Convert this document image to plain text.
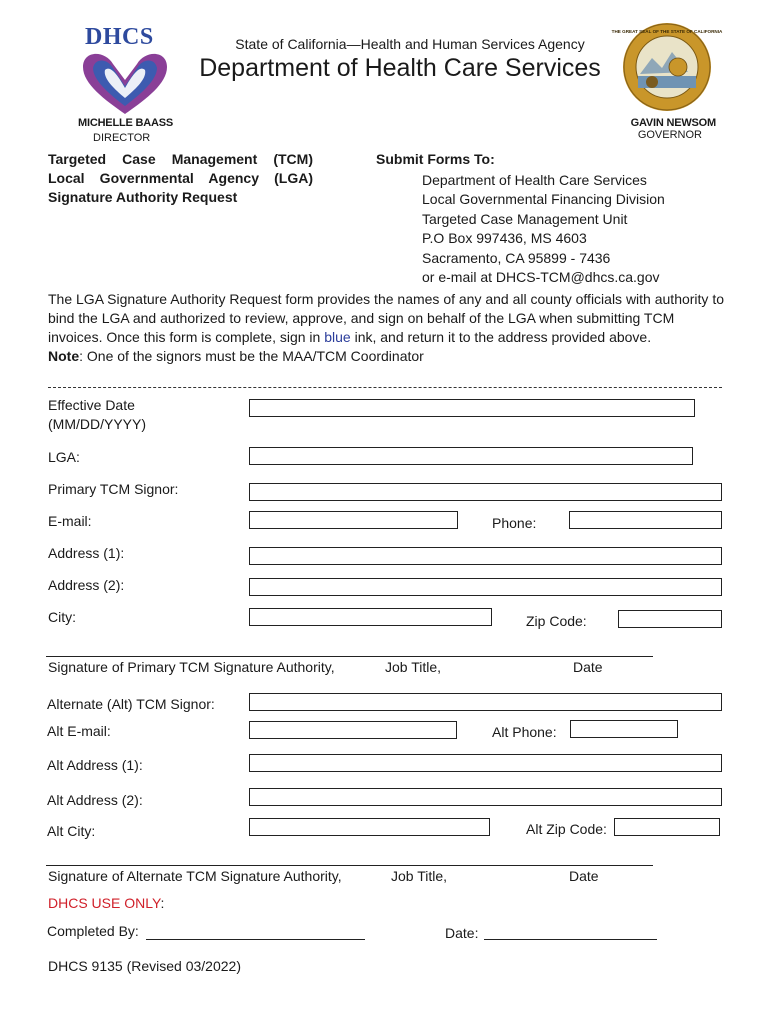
DHCS	THE GREAT SEAL OF THE STATE OF CALIFORNIA
State of California—Health and Human Services Agency
Department of Health Care Services
MICHELLE BAASS
DIRECTOR
GAVIN NEWSOM
GOVERNOR
Targeted Case Management (TCM)
Local Governmental Agency (LGA)
Signature Authority Request
Submit Forms To:
Department of Health Care Services
Local Governmental Financing Division
Targeted Case Management Unit
P.O Box 997436, MS 4603
Sacramento, CA 95899 - 7436
or e-mail at DHCS-TCM@dhcs.ca.gov
The LGA Signature Authority Request form provides the names of any and all county officials with authority to bind the LGA and authorized to review, approve, and sign on behalf of the LGA when submitting TCM invoices. Once this form is complete, sign in blue ink, and return it to the address provided above.
Note: One of the signors must be the MAA/TCM Coordinator
Effective Date
(MM/DD/YYYY)
LGA:
Primary TCM Signor:
E-mail:	Phone:
Address (1):
Address (2):
City:	Zip Code:
Signature of Primary TCM Signature Authority,	Job Title,	Date
Alternate (Alt) TCM Signor:
Alt E-mail:	Alt Phone:
Alt Address (1):
Alt Address (2):
Alt City:	Alt Zip Code:
Signature of Alternate TCM Signature Authority,	Job Title,	Date
DHCS USE ONLY:
Completed By:	Date:
DHCS 9135 (Revised 03/2022)
